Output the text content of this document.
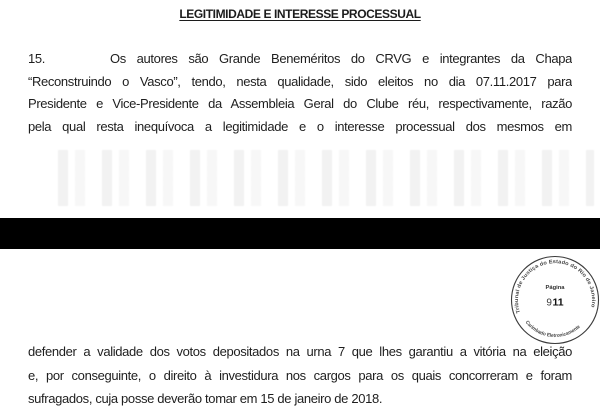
LEGITIMIDADE E INTERESSE PROCESSUAL
15.	Os autores são Grande Beneméritos do CRVG e integrantes da Chapa
“Reconstruindo o Vasco”, tendo, nesta qualidade, sido eleitos no dia 07.11.2017 para
Presidente e Vice-Presidente da Assembleia Geral do Clube réu, respectivamente, razão
pela qual resta inequívoca a legitimidade e o interesse processual dos mesmos em
Tribunal de Justiça do Estado do Rio de Janeiro
Carimbado Eletronicamente
Página
911
defender a validade dos votos depositados na urna 7 que lhes garantiu a vitória na eleição
e, por conseguinte, o direito à investidura nos cargos para os quais concorreram e foram
sufragados, cuja posse deverão tomar em 15 de janeiro de 2018.
